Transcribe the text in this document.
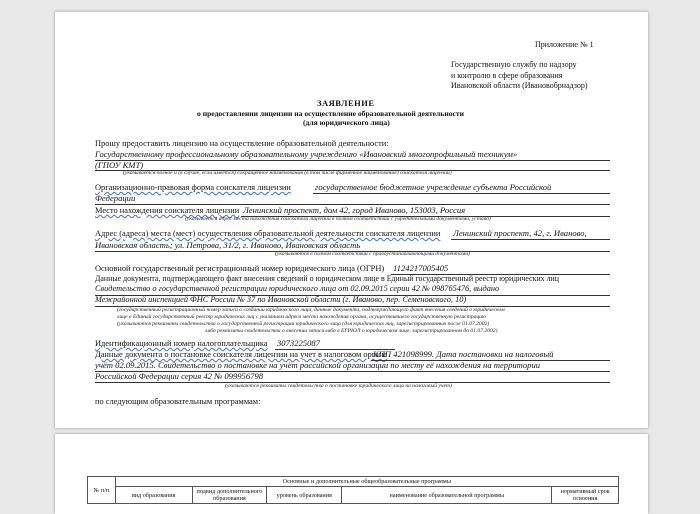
Приложение № 1
Государственную службу по надзору
и контролю в сфере образования
Ивановской области (Ивановобрнадзор)
ЗАЯВЛЕНИЕ
о предоставлении лицензии на осуществление образовательной деятельности
(для юридического лица)
Прошу предоставить лицензию на осуществление образовательной деятельности:
Государственному профессиональному образовательному учреждению «Ивановский многопрофильный техникум»
(ГПОУ КМТ)
(указывается полное и (в случае, если имеется) сокращённое наименования (в том числе фирменное наименование) соискателя лицензии)
Организационно-правовая форма соискателя лицензии	государственное бюджетное учреждение субъекта Российской
Федерации
Место нахождения соискателя лицензии Ленинский проспект, дом 42, город Иваново, 153003, Россия
(указывается адрес места нахождения соискателя лицензии в полном соответствии с учредительными документами, устава)
Адрес (адреса) места (мест) осуществления образовательной деятельности соискателя лицензии Ленинский проспект, 42, г. Иваново,
Ивановская область; ул. Петрова, 31/2, г. Иваново, Ивановская область
(указываются в полном соответствии с правоустанавливающими документами)
Основной государственный регистрационный номер юридического лица (ОГРН) 1124217005405
Данные документа, подтверждающего факт внесения сведений о юридическом лице в Единый государственный реестр юридических лиц
Свидетельство о государственной регистрации юридического лица от 02.09.2015 серии 42 № 098765476, выдано
Межрайонной инспекцией ФНС России № 37 по Ивановской области (г. Иваново, пер. Семеновского, 10)
(государственный регистрационный номер записи о создании юридического лица, данные документа, подтверждающего факт внесения сведений о юридическом
лице в Единый государственный реестр юридических лиц с указанием адреса места нахождения органа, осуществившего государственную регистрацию
(указываются реквизиты свидетельства о государственной регистрации юридического лица (для юридических лиц, зарегистрированных после 01.07.2002)
либо в ЕГРЮЛ о юридическом лице, зарегистрированном до 01.07.2002)
либо реквизиты свидетельства о внесении записи
Идентификационный номер налогоплательщика 3073225087
Данные документа о постановке соискателя лицензии на учет в налоговом органе
КПП 421098999. Дата постановки на налоговый
учёт 02.09.2015. Свидетельство о постановке на учёт российской организации по месту её нахождения на территории
Российской Федерации серия 42 № 099956798
(указываются реквизиты свидетельства о постановке юридического лица на налоговый учет)
по следующим образовательным программам:
№ п/п	Основные и дополнительные общеобразовательные программы				
	вид образования	подвид дополнительного образования	уровень образования	наименование образовательной программы	нормативный срок освоения
